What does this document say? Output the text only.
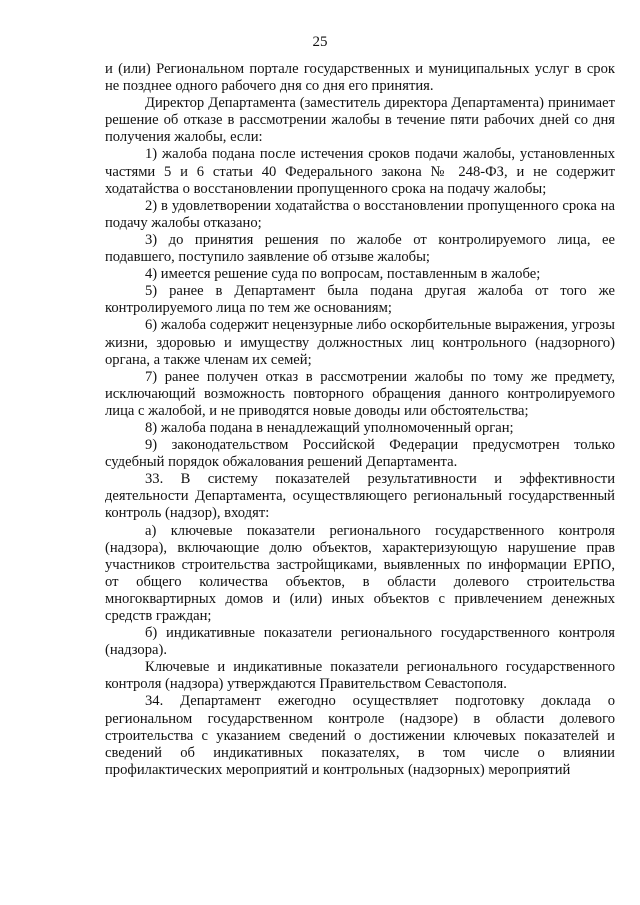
25

и (или) Региональном портале государственных и муниципальных услуг в срок не позднее одного рабочего дня со дня его принятия.

Директор Департамента (заместитель директора Департамента) принимает решение об отказе в рассмотрении жалобы в течение пяти рабочих дней со дня получения жалобы, если:

1) жалоба подана после истечения сроков подачи жалобы, установленных частями 5 и 6 статьи 40 Федерального закона № 248-ФЗ, и не содержит ходатайства о восстановлении пропущенного срока на подачу жалобы;

2) в удовлетворении ходатайства о восстановлении пропущенного срока на подачу жалобы отказано;

3) до принятия решения по жалобе от контролируемого лица, ее подавшего, поступило заявление об отзыве жалобы;

4) имеется решение суда по вопросам, поставленным в жалобе;

5) ранее в Департамент была подана другая жалоба от того же контролируемого лица по тем же основаниям;

6) жалоба содержит нецензурные либо оскорбительные выражения, угрозы жизни, здоровью и имуществу должностных лиц контрольного (надзорного) органа, а также членам их семей;

7) ранее получен отказ в рассмотрении жалобы по тому же предмету, исключающий возможность повторного обращения данного контролируемого лица с жалобой, и не приводятся новые доводы или обстоятельства;

8) жалоба подана в ненадлежащий уполномоченный орган;

9) законодательством Российской Федерации предусмотрен только судебный порядок обжалования решений Департамента.

33. В систему показателей результативности и эффективности деятельности Департамента, осуществляющего региональный государственный контроль (надзор), входят:

а) ключевые показатели регионального государственного контроля (надзора), включающие долю объектов, характеризующую нарушение прав участников строительства застройщиками, выявленных по информации ЕРПО, от общего количества объектов, в области долевого строительства многоквартирных домов и (или) иных объектов с привлечением денежных средств граждан;

б) индикативные показатели регионального государственного контроля (надзора).

Ключевые и индикативные показатели регионального государственного контроля (надзора) утверждаются Правительством Севастополя.

34. Департамент ежегодно осуществляет подготовку доклада о региональном государственном контроле (надзоре) в области долевого строительства с указанием сведений о достижении ключевых показателей и сведений об индикативных показателях, в том числе о влиянии профилактических мероприятий и контрольных (надзорных) мероприятий
